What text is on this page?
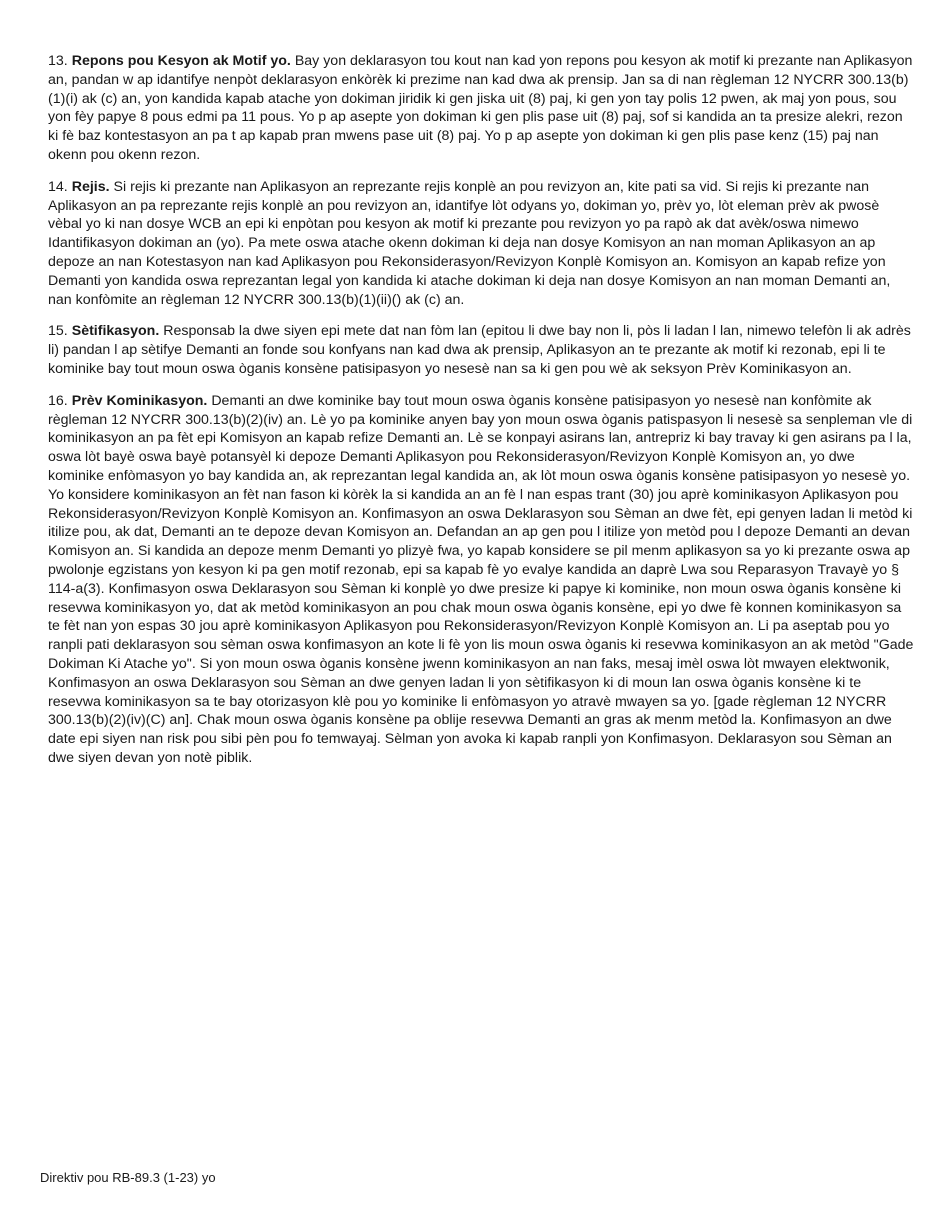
13. Repons pou Kesyon ak Motif yo. Bay yon deklarasyon tou kout nan kad yon repons pou kesyon ak motif ki prezante nan Aplikasyon an, pandan w ap idantifye nenpòt deklarasyon enkòrèk ki prezime nan kad dwa ak prensip. Jan sa di nan règleman 12 NYCRR 300.13(b)(1)(i) ak (c) an, yon kandida kapab atache yon dokiman jiridik ki gen jiska uit (8) paj, ki gen yon tay polis 12 pwen, ak maj yon pous, sou yon fèy papye 8 pous edmi pa 11 pous. Yo p ap asepte yon dokiman ki gen plis pase uit (8) paj, sof si kandida an ta presize alekri, rezon ki fè baz kontestasyon an pa t ap kapab pran mwens pase uit (8) paj. Yo p ap asepte yon dokiman ki gen plis pase kenz (15) paj nan okenn pou okenn rezon.

14. Rejis. Si rejis ki prezante nan Aplikasyon an reprezante rejis konplè an pou revizyon an, kite pati sa vid. Si rejis ki prezante nan Aplikasyon an pa reprezante rejis konplè an pou revizyon an, idantifye lòt odyans yo, dokiman yo, prèv yo, lòt eleman prèv ak pwosè vèbal yo ki nan dosye WCB an epi ki enpòtan pou kesyon ak motif ki prezante pou revizyon yo pa rapò ak dat avèk/oswa nimewo Idantifikasyon dokiman an (yo). Pa mete oswa atache okenn dokiman ki deja nan dosye Komisyon an nan moman Aplikasyon an ap depoze an nan Kotestasyon nan kad Aplikasyon pou Rekonsiderasyon/Revizyon Konplè Komisyon an. Komisyon an kapab refize yon Demanti yon kandida oswa reprezantan legal yon kandida ki atache dokiman ki deja nan dosye Komisyon an nan moman Demanti an, nan konfòmite an règleman 12 NYCRR 300.13(b)(1)(ii)() ak (c) an.

15. Sètifikasyon. Responsab la dwe siyen epi mete dat nan fòm lan (epitou li dwe bay non li, pòs li ladan l lan, nimewo telefòn li ak adrès li) pandan l ap sètifye Demanti an fonde sou konfyans nan kad dwa ak prensip, Aplikasyon an te prezante ak motif ki rezonab, epi li te kominike bay tout moun oswa òganis konsène patisipasyon yo nesesè nan sa ki gen pou wè ak seksyon Prèv Kominikasyon an.

16. Prèv Kominikasyon. Demanti an dwe kominike bay tout moun oswa òganis konsène patisipasyon yo nesesè nan konfòmite ak règleman 12 NYCRR 300.13(b)(2)(iv) an. Lè yo pa kominike anyen bay yon moun oswa òganis patispasyon li nesesè sa senpleman vle di kominikasyon an pa fèt epi Komisyon an kapab refize Demanti an. Lè se konpayi asirans lan, antrepriz ki bay travay ki gen asirans pa l la, oswa lòt bayè oswa bayè potansyèl ki depoze Demanti Aplikasyon pou Rekonsiderasyon/Revizyon Konplè Komisyon an, yo dwe kominike enfòmasyon yo bay kandida an, ak reprezantan legal kandida an, ak lòt moun oswa òganis konsène patisipasyon yo nesesè yo. Yo konsidere kominikasyon an fèt nan fason ki kòrèk la si kandida an an fè l nan espas trant (30) jou aprè kominikasyon Aplikasyon pou Rekonsiderasyon/Revizyon Konplè Komisyon an. Konfimasyon an oswa Deklarasyon sou Sèman an dwe fèt, epi genyen ladan li metòd ki itilize pou, ak dat, Demanti an te depoze devan Komisyon an. Defandan an ap gen pou l itilize yon metòd pou l depoze Demanti an devan Komisyon an. Si kandida an depoze menm Demanti yo plizyè fwa, yo kapab konsidere se pil menm aplikasyon sa yo ki prezante oswa ap pwolonje egzistans yon kesyon ki pa gen motif rezonab, epi sa kapab fè yo evalye kandida an daprè Lwa sou Reparasyon Travayè yo § 114-a(3). Konfimasyon oswa Deklarasyon sou Sèman ki konplè yo dwe presize ki papye ki kominike, non moun oswa òganis konsène ki resevwa kominikasyon yo, dat ak metòd kominikasyon an pou chak moun oswa òganis konsène, epi yo dwe fè konnen kominikasyon sa te fèt nan yon espas 30 jou aprè kominikasyon Aplikasyon pou Rekonsiderasyon/Revizyon Konplè Komisyon an. Li pa aseptab pou yo ranpli pati deklarasyon sou sèman oswa konfimasyon an kote li fè yon lis moun oswa òganis ki resevwa kominikasyon an ak metòd "Gade Dokiman Ki Atache yo". Si yon moun oswa òganis konsène jwenn kominikasyon an nan faks, mesaj imèl oswa lòt mwayen elektwonik, Konfimasyon an oswa Deklarasyon sou Sèman an dwe genyen ladan li yon sètifikasyon ki di moun lan oswa òganis konsène ki te resevwa kominikasyon sa te bay otorizasyon klè pou yo kominike li enfòmasyon yo atravè mwayen sa yo. [gade règleman 12 NYCRR 300.13(b)(2)(iv)(C) an]. Chak moun oswa òganis konsène pa oblije resevwa Demanti an gras ak menm metòd la. Konfimasyon an dwe date epi siyen nan risk pou sibi pèn pou fo temwayaj. Sèlman yon avoka ki kapab ranpli yon Konfimasyon. Deklarasyon sou Sèman an dwe siyen devan yon notè piblik.

Direktiv pou RB-89.3 (1-23) yo
